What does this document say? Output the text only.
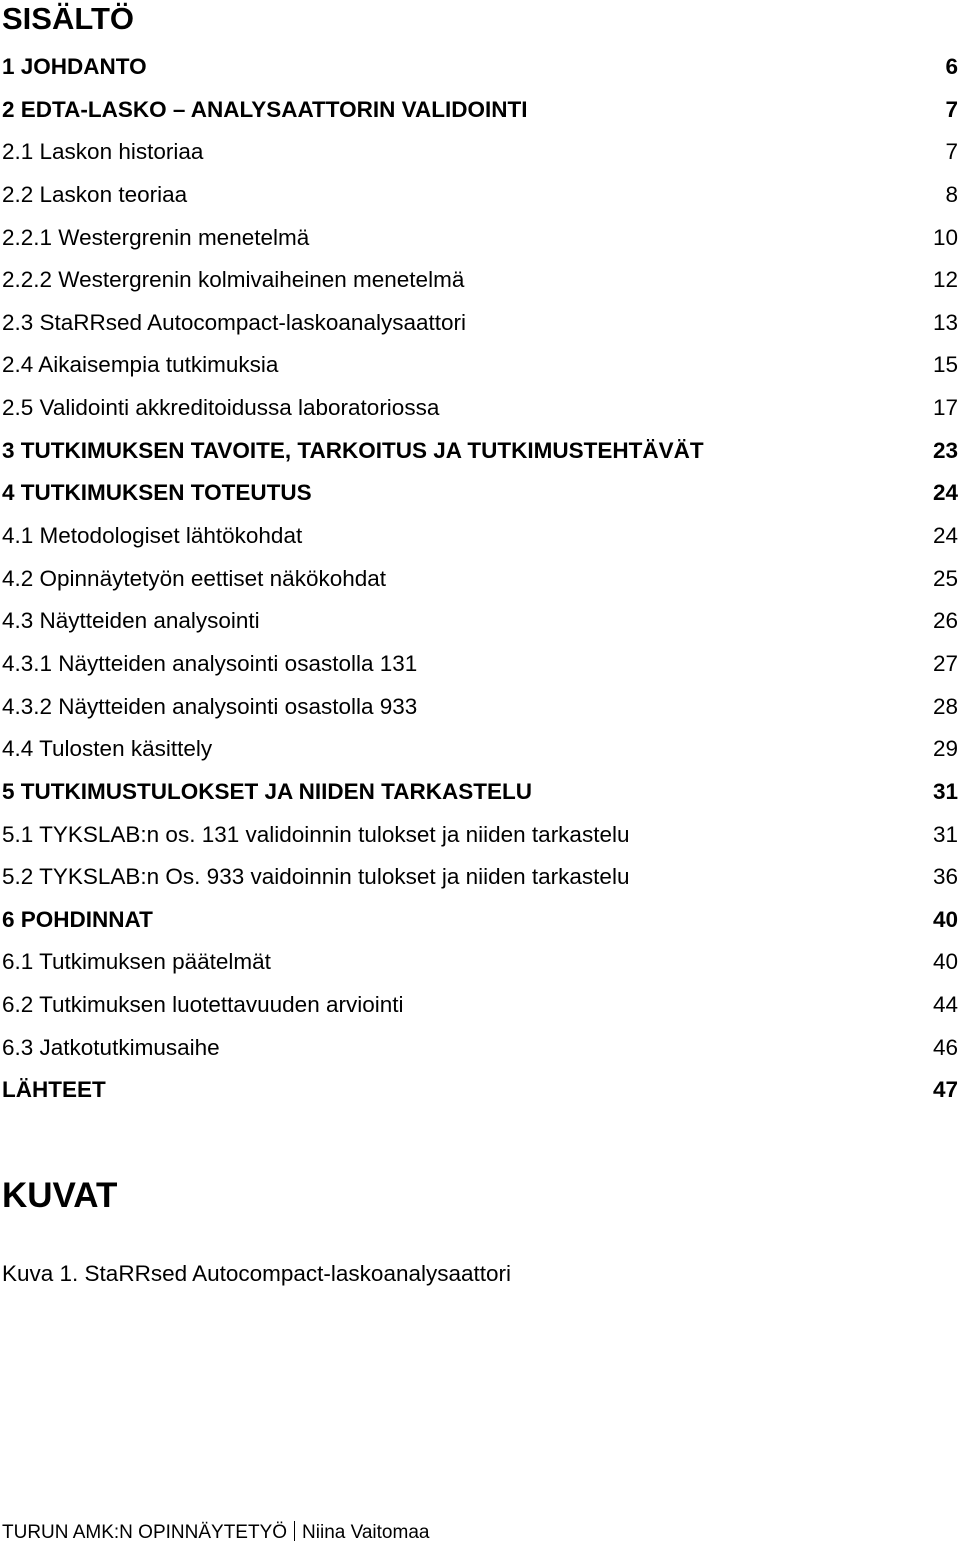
SISÄLTÖ
1 JOHDANTO	6
2 EDTA-LASKO – ANALYSAATTORIN VALIDOINTI	7
2.1 Laskon historiaa	7
2.2 Laskon teoriaa	8
2.2.1 Westergrenin menetelmä	10
2.2.2 Westergrenin kolmivaiheinen menetelmä	12
2.3 StaRRsed Autocompact-laskoanalysaattori	13
2.4 Aikaisempia tutkimuksia	15
2.5 Validointi akkreditoidussa laboratoriossa	17
3 TUTKIMUKSEN TAVOITE, TARKOITUS JA TUTKIMUSTEHTÄVÄT	23
4 TUTKIMUKSEN TOTEUTUS	24
4.1 Metodologiset lähtökohdat	24
4.2 Opinnäytetyön eettiset näkökohdat	25
4.3 Näytteiden analysointi	26
4.3.1 Näytteiden analysointi osastolla 131	27
4.3.2 Näytteiden analysointi osastolla 933	28
4.4 Tulosten käsittely	29
5 TUTKIMUSTULOKSET JA NIIDEN TARKASTELU	31
5.1 TYKSLAB:n os. 131 validoinnin tulokset ja niiden tarkastelu	31
5.2 TYKSLAB:n Os. 933 vaidoinnin tulokset ja niiden tarkastelu	36
6 POHDINNAT	40
6.1 Tutkimuksen päätelmät	40
6.2 Tutkimuksen luotettavuuden arviointi	44
6.3 Jatkotutkimusaihe	46
LÄHTEET	47
KUVAT
Kuva 1. StaRRsed Autocompact-laskoanalysaattori
TURUN AMK:N OPINNÄYTETYÖ Niina Vaitomaa
